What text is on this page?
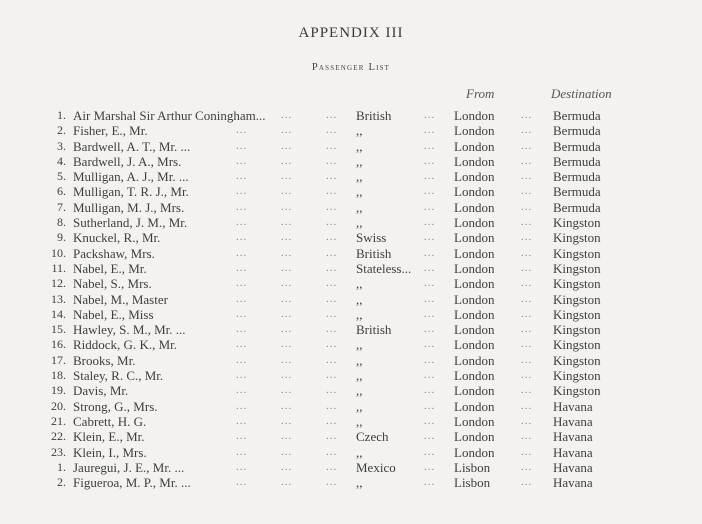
APPENDIX III
Passenger List
From	Destination
1. Air Marshal Sir Arthur Coningham... ...	... British	... London ... Bermuda
2. Fisher, E., Mr.	...	...	... ,,	... London ... Bermuda
3. Bardwell, A. T., Mr. ...	...	...	... ,,	... London ... Bermuda
4. Bardwell, J. A., Mrs.	...	...	... ,,	... London ... Bermuda
5. Mulligan, A. J., Mr. ...	...	...	... ,,	... London ... Bermuda
6. Mulligan, T. R. J., Mr.	...	...	... ,,	... London ... Bermuda
7. Mulligan, M. J., Mrs.	...	...	... ,,	... London ... Bermuda
8. Sutherland, J. M., Mr.	...	...	... ,,	... London ... Kingston
9. Knuckel, R., Mr.	...	...	... Swiss	... London ... Kingston
10. Packshaw, Mrs.	...	...	... British	... London ... Kingston
11. Nabel, E., Mr.	...	...	... Stateless... ... London ... Kingston
12. Nabel, S., Mrs.	...	...	... ,,	... London ... Kingston
13. Nabel, M., Master	...	...	... ,,	... London ... Kingston
14. Nabel, E., Miss	...	...	... ,,	... London ... Kingston
15. Hawley, S. M., Mr. ...	...	...	... British	... London ... Kingston
16. Riddock, G. K., Mr.	...	...	... ,,	... London ... Kingston
17. Brooks, Mr.	...	...	... ,,	... London ... Kingston
18. Staley, R. C., Mr.	...	...	... ,,	... London ... Kingston
19. Davis, Mr.	...	...	... ,,	... London ... Kingston
20. Strong, G., Mrs.	...	...	... ,,	... London ... Havana
21. Cabrett, H. G.	...	...	... ,,	... London ... Havana
22. Klein, E., Mr.	...	...	... Czech	... London ... Havana
23. Klein, I., Mrs.	...	...	... ,,	... London ... Havana
1. Jauregui, J. E., Mr. ...	...	...	... Mexico	... Lisbon	... Havana
2. Figueroa, M. P., Mr. ...	...	...	... ,,	... Lisbon	... Havana
